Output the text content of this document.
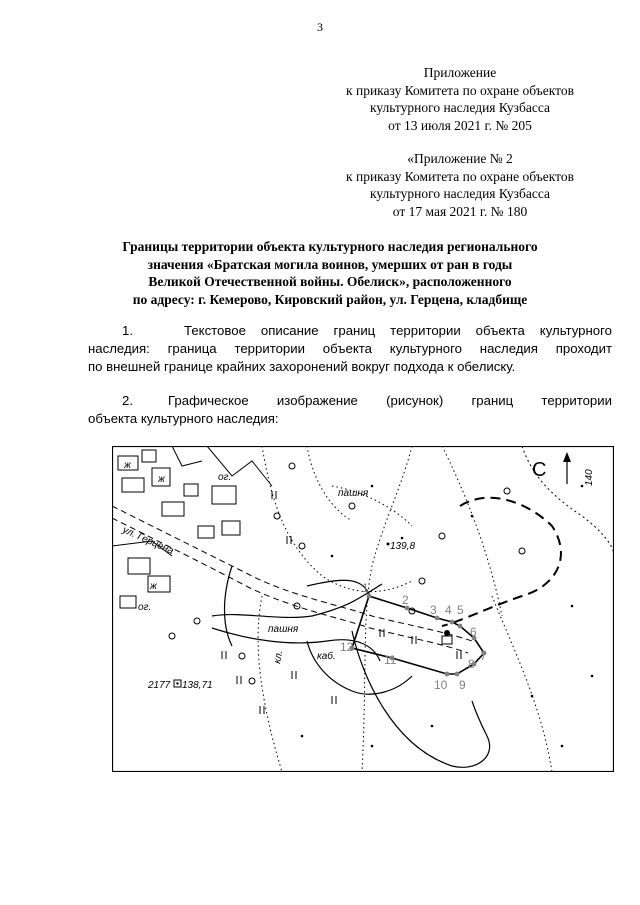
3
Приложение
к приказу Комитета по охране объектов
культурного наследия Кузбасса
от 13 июля 2021 г. № 205
«Приложение № 2
к приказу Комитета по охране объектов
культурного наследия Кузбасса
от 17 мая 2021 г. № 180
Границы территории объекта культурного наследия регионального
значения «Братская могила воинов, умерших от ран в годы
Великой Отечественной войны. Обелиск», расположенного
по адресу: г. Кемерово, Кировский район, ул. Герцена, кладбище
1.	Текстовое описание границ территории объекта культурного
наследия: граница территории объекта культурного наследия проходит
по внешней границе крайних захоронений вокруг подхода к обелиску.
2.	Графическое изображение (рисунок) границ территории
объекта культурного наследия:
1
2
3 4 5
6
7
8
9
10
11
12
ул. Герцена
пашня
пашня
139,8
2177 138,71
каб.
кл.
ог.
ог.
ж
ж
ж
140
С
